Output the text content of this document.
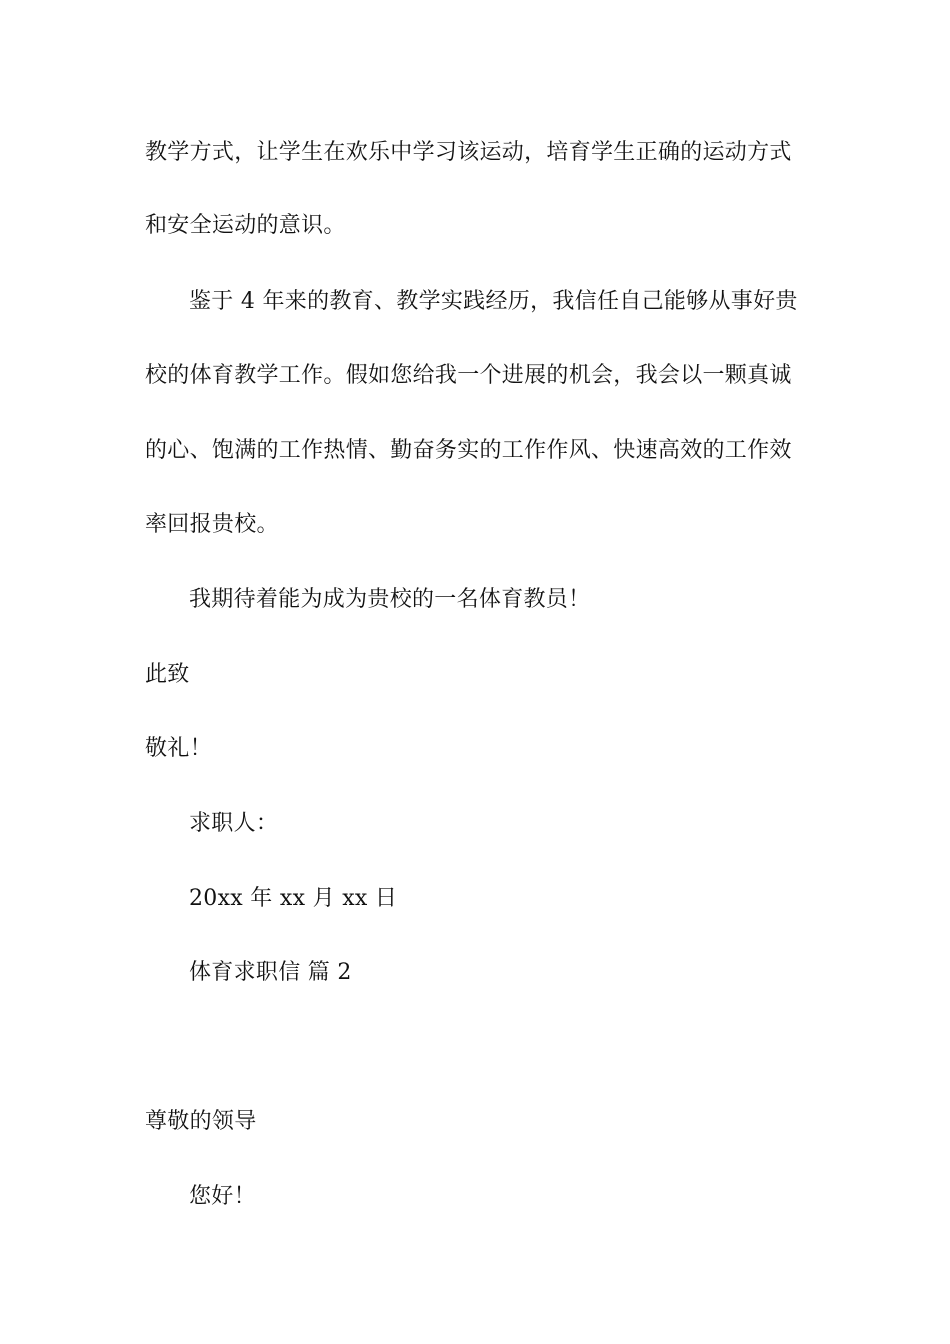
教学方式，让学生在欢乐中学习该运动，培育学生正确的运动方式
和安全运动的意识。
鉴于 4 年来的教育、教学实践经历，我信任自己能够从事好贵
校的体育教学工作。假如您给我一个进展的机会，我会以一颗真诚
的心、饱满的工作热情、勤奋务实的工作作风、快速高效的工作效
率回报贵校。
我期待着能为成为贵校的一名体育教员！
此致
敬礼！
求职人：
20xx 年 xx 月 xx 日
体育求职信 篇 2
尊敬的领导
您好！
